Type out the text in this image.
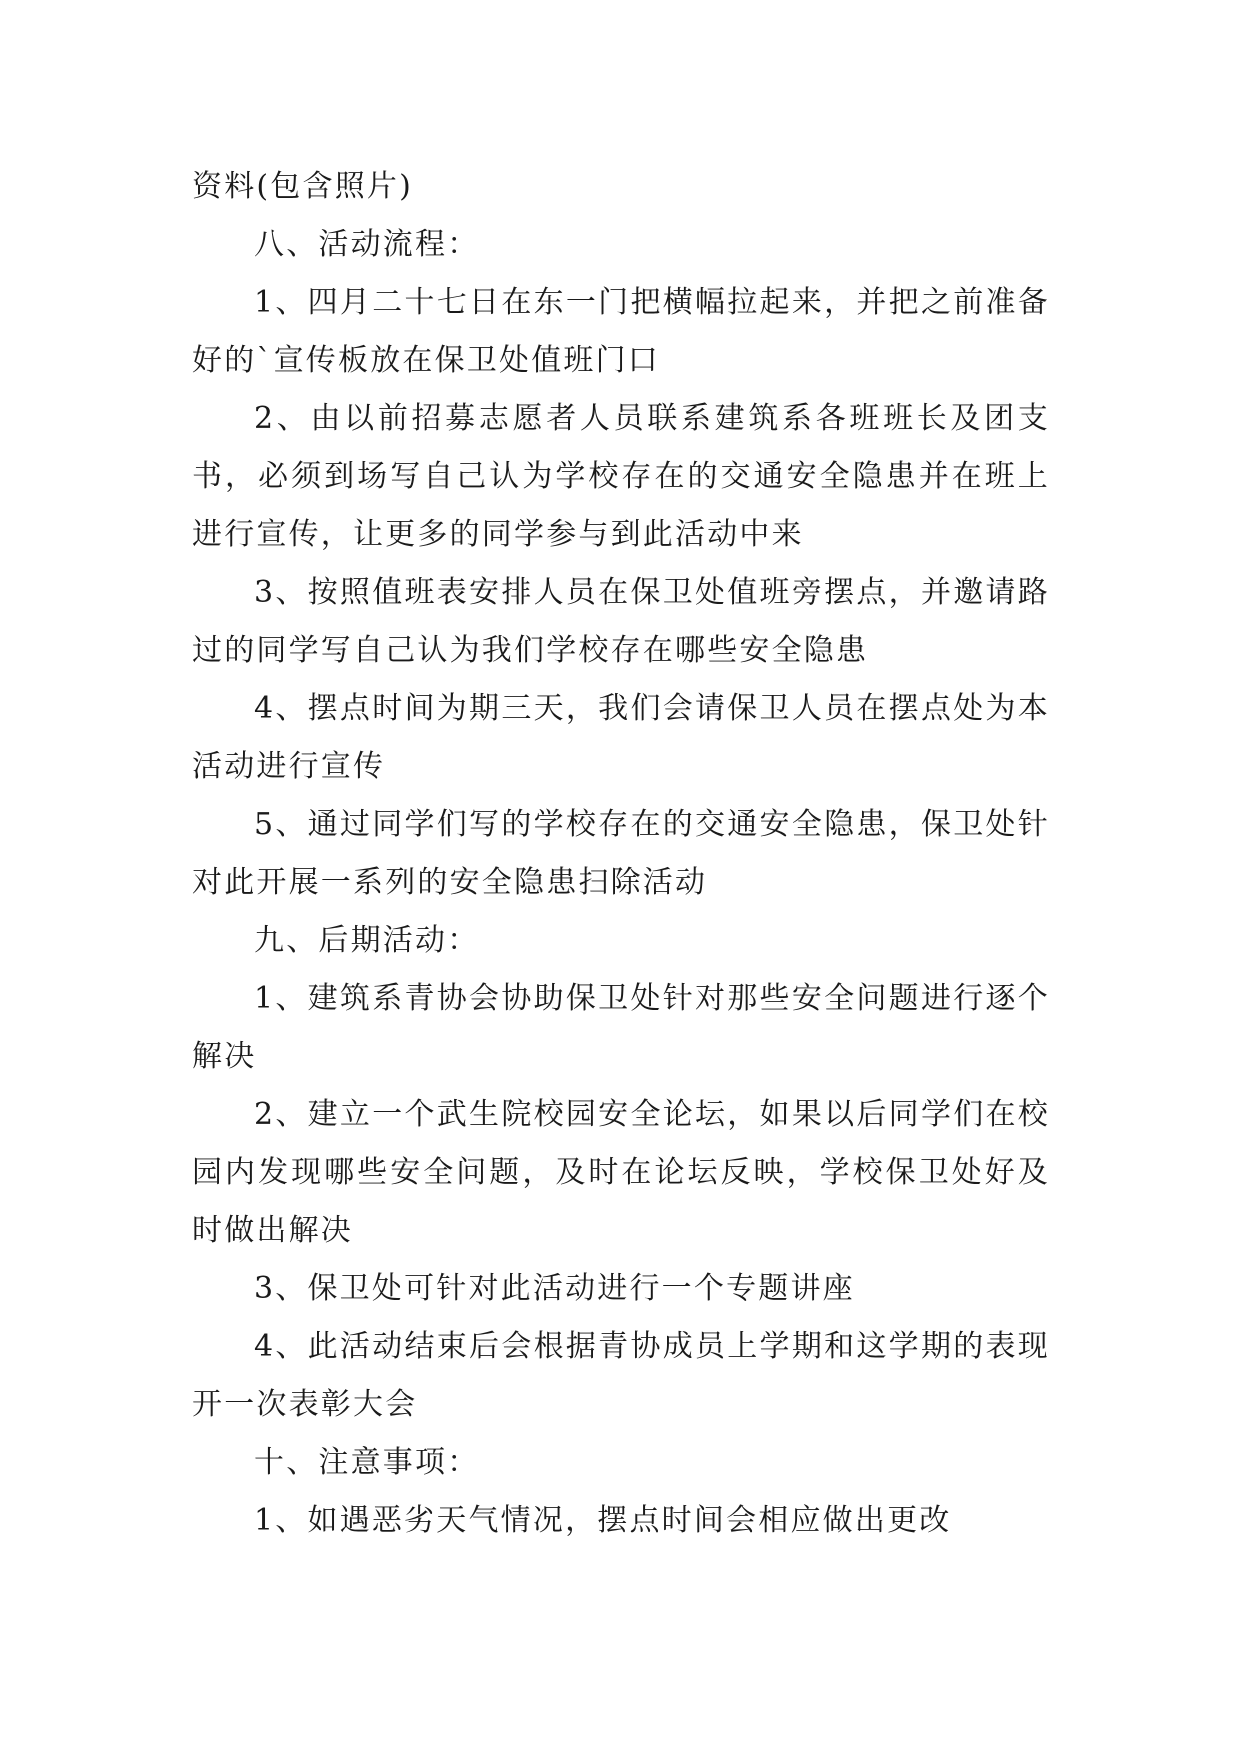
资料(包含照片)

八、活动流程：

1、四月二十七日在东一门把横幅拉起来，并把之前准备好的`宣传板放在保卫处值班门口

2、由以前招募志愿者人员联系建筑系各班班长及团支书，必须到场写自己认为学校存在的交通安全隐患并在班上进行宣传，让更多的同学参与到此活动中来

3、按照值班表安排人员在保卫处值班旁摆点，并邀请路过的同学写自己认为我们学校存在哪些安全隐患

4、摆点时间为期三天，我们会请保卫人员在摆点处为本活动进行宣传

5、通过同学们写的学校存在的交通安全隐患，保卫处针对此开展一系列的安全隐患扫除活动

九、后期活动：

1、建筑系青协会协助保卫处针对那些安全问题进行逐个解决

2、建立一个武生院校园安全论坛，如果以后同学们在校园内发现哪些安全问题，及时在论坛反映，学校保卫处好及时做出解决

3、保卫处可针对此活动进行一个专题讲座

4、此活动结束后会根据青协成员上学期和这学期的表现开一次表彰大会

十、注意事项：

1、如遇恶劣天气情况，摆点时间会相应做出更改
